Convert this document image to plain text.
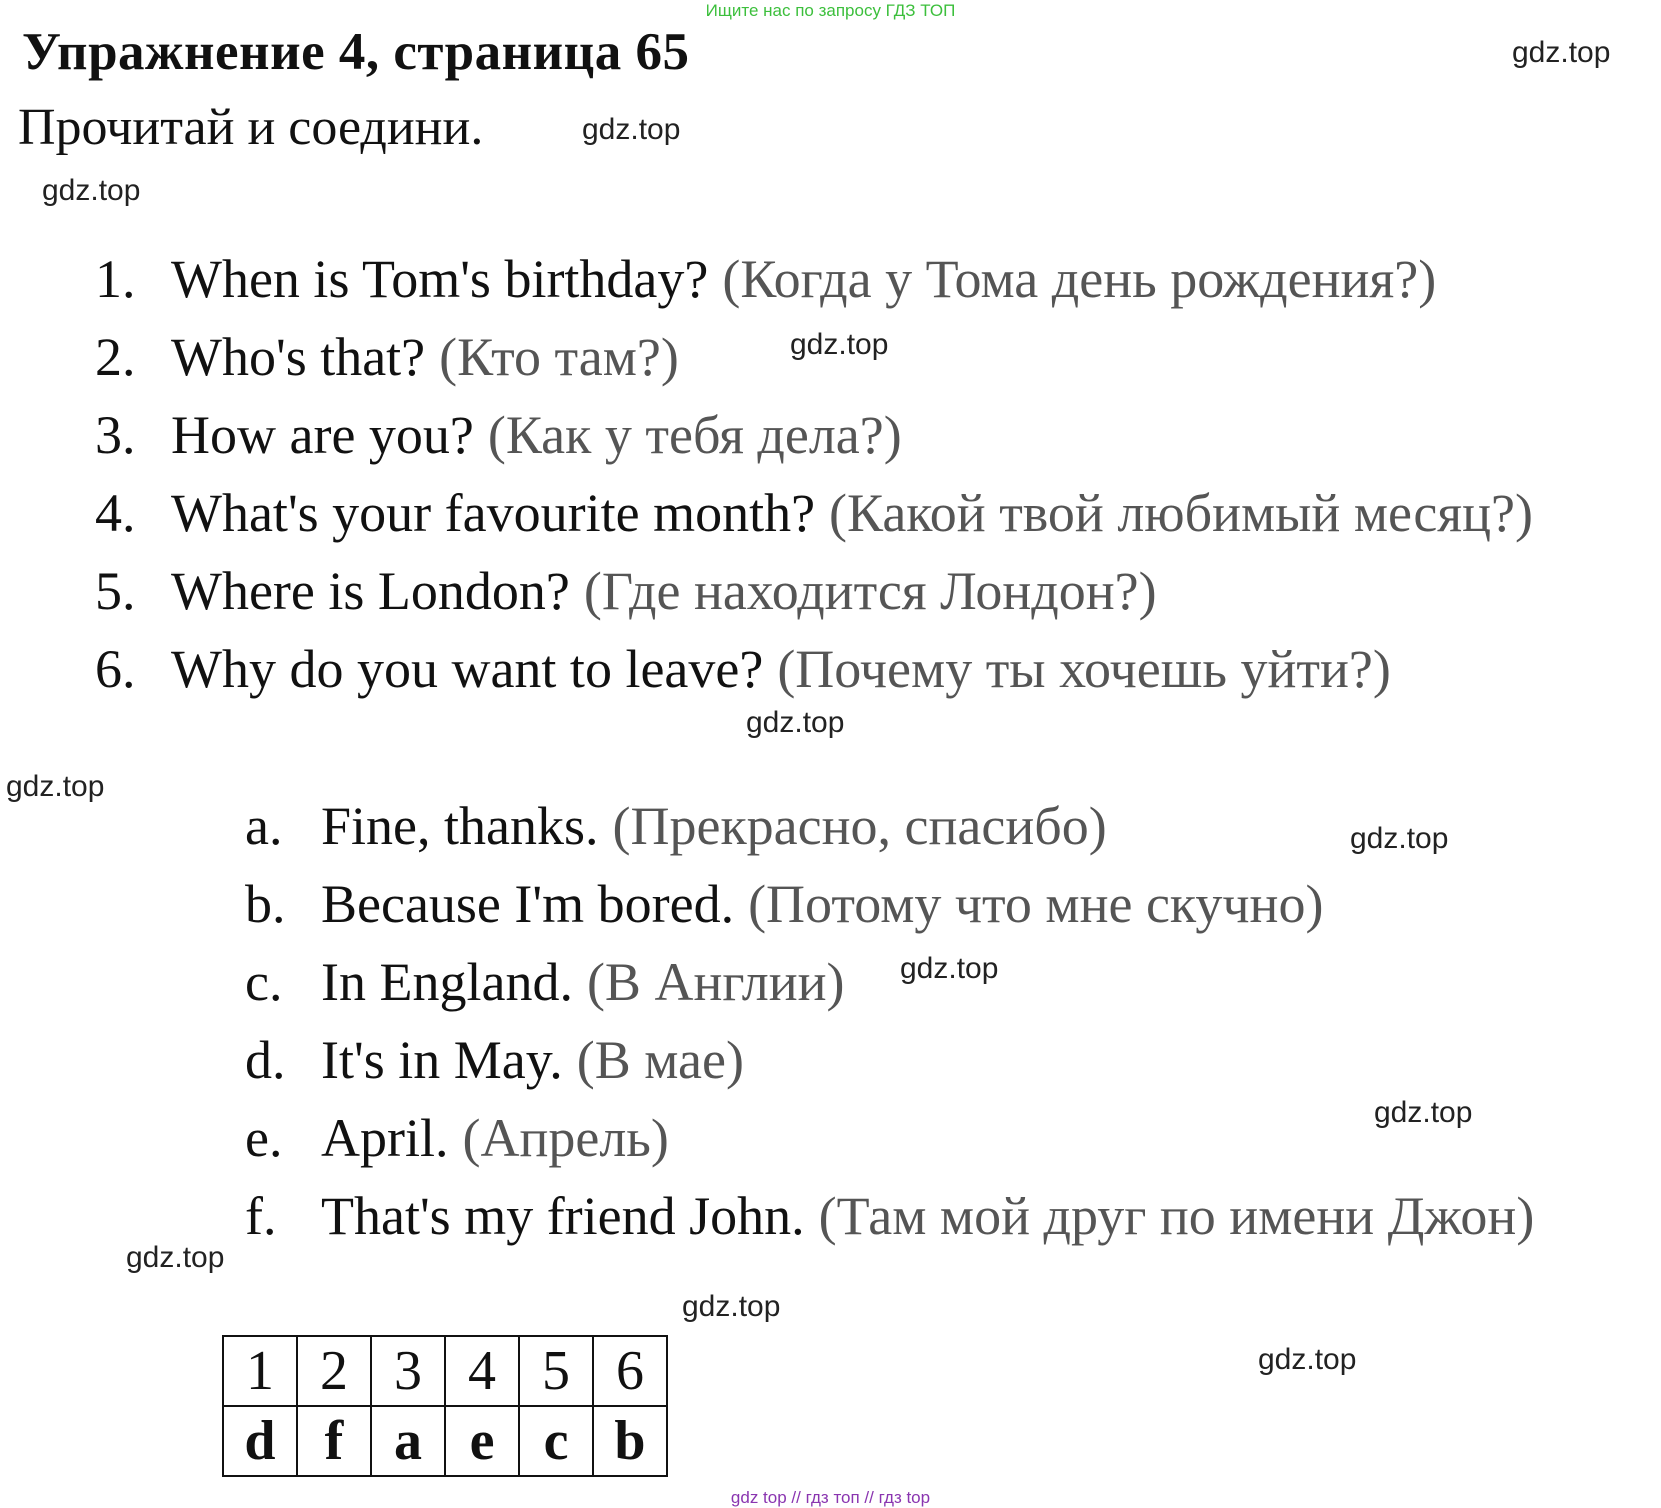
Ищите нас по запросу ГДЗ ТОП
Упражнение 4, страница 65
Прочитай и соедини.
1. When is Tom's birthday? (Когда у Тома день рождения?)
2. Who's that? (Кто там?)
3. How are you? (Как у тебя дела?)
4. What's your favourite month? (Какой твой любимый месяц?)
5. Where is London? (Где находится Лондон?)
6. Why do you want to leave? (Почему ты хочешь уйти?)
a. Fine, thanks. (Прекрасно, спасибо)
b. Because I'm bored. (Потому что мне скучно)
c. In England. (В Англии)
d. It's in May. (В мае)
e. April. (Апрель)
f. That's my friend John. (Там мой друг по имени Джон)
1	2	3	4	5	6
d	f	a	e	c	b
gdz.top
gdz.top
gdz.top
gdz.top
gdz.top
gdz.top
gdz.top
gdz.top
gdz.top
gdz.top
gdz.top
gdz.top
gdz top // гдз топ // гдз top
